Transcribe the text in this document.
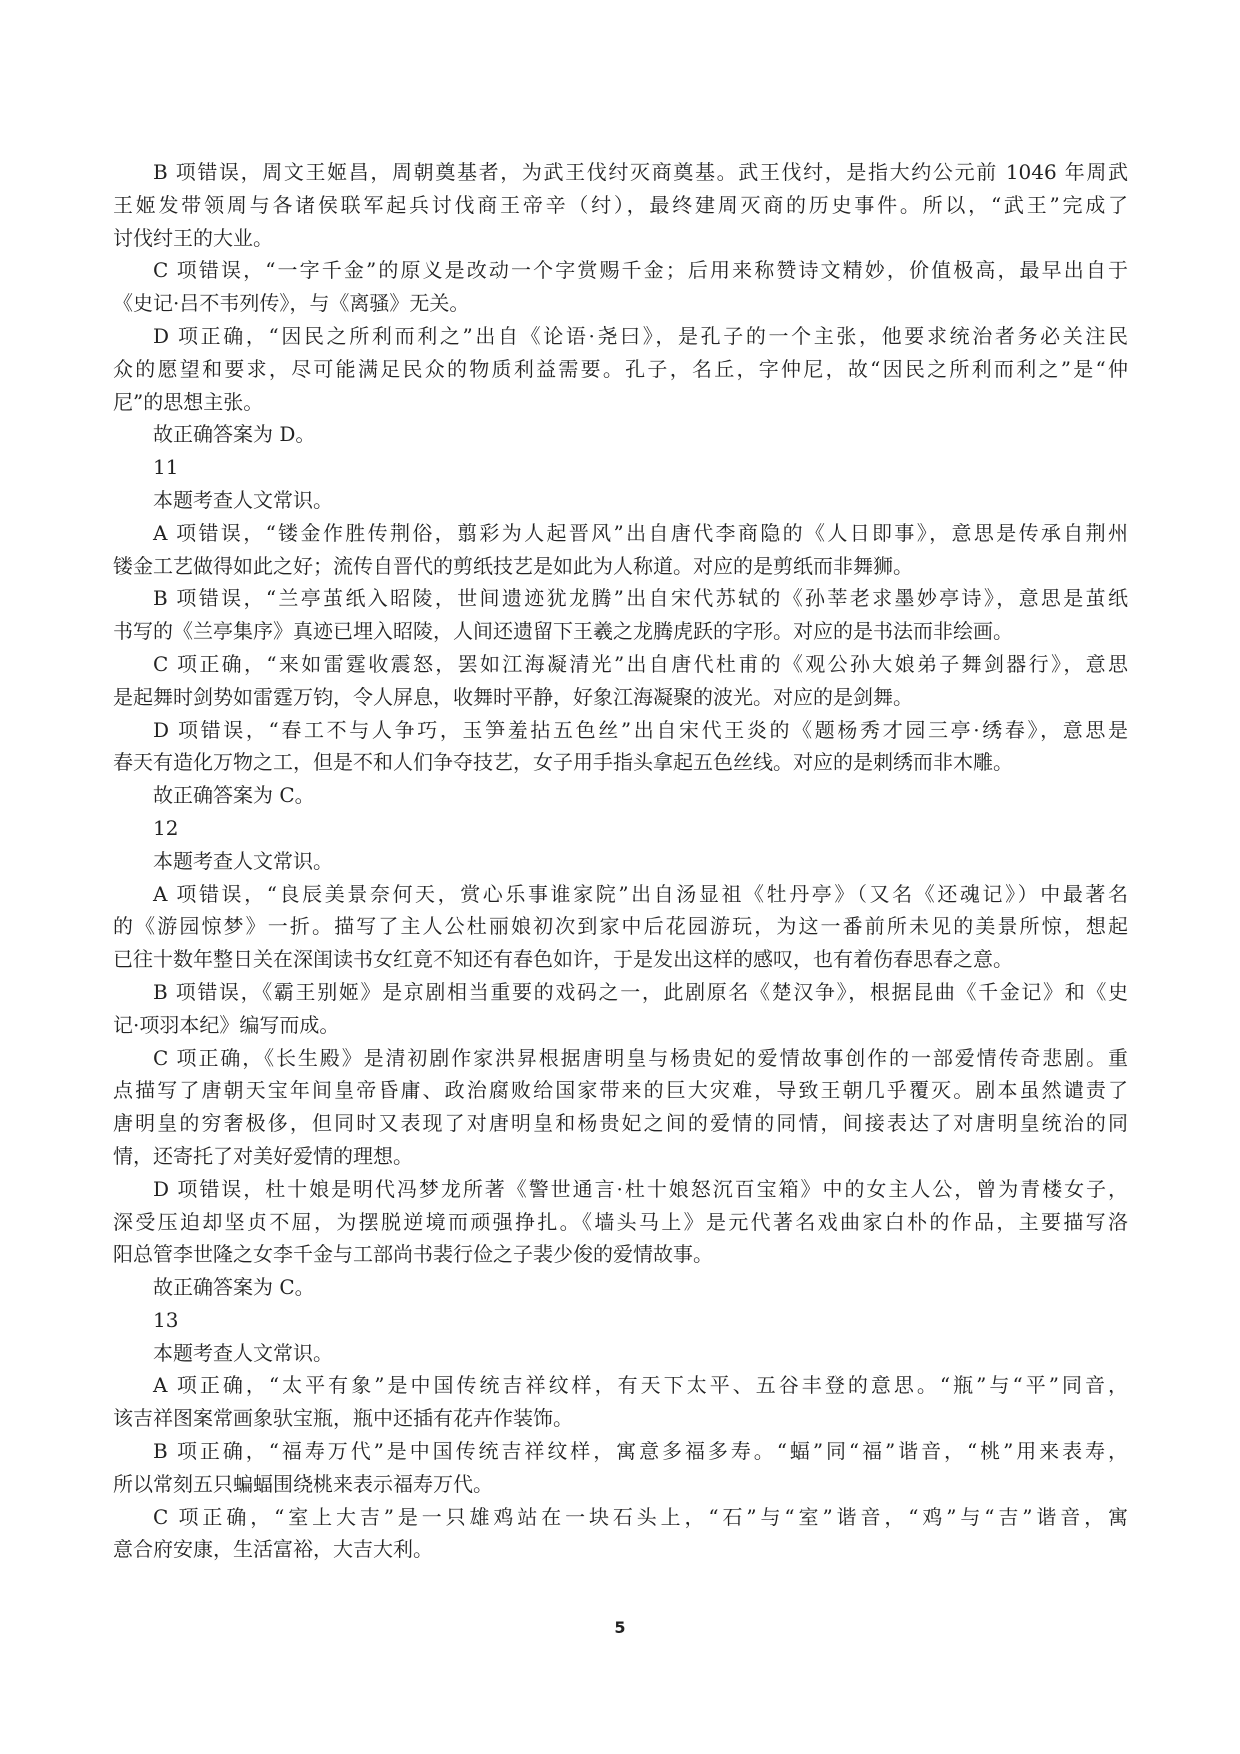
B 项错误，周文王姬昌，周朝奠基者，为武王伐纣灭商奠基。武王伐纣，是指大约公元前 1046 年周武
王姬发带领周与各诸侯联军起兵讨伐商王帝辛（纣），最终建周灭商的历史事件。所以，“武王”完成了
讨伐纣王的大业。
C 项错误，“一字千金”的原义是改动一个字赏赐千金；后用来称赞诗文精妙，价值极高，最早出自于
《史记·吕不韦列传》，与《离骚》无关。
D 项正确，“因民之所利而利之”出自《论语·尧曰》，是孔子的一个主张，他要求统治者务必关注民
众的愿望和要求，尽可能满足民众的物质利益需要。孔子，名丘，字仲尼，故“因民之所利而利之”是“仲
尼”的思想主张。
故正确答案为 D。
11
本题考查人文常识。
A 项错误，“镂金作胜传荆俗，翦彩为人起晋风”出自唐代李商隐的《人日即事》，意思是传承自荆州
镂金工艺做得如此之好；流传自晋代的剪纸技艺是如此为人称道。对应的是剪纸而非舞狮。
B 项错误，“兰亭茧纸入昭陵，世间遗迹犹龙腾”出自宋代苏轼的《孙莘老求墨妙亭诗》，意思是茧纸
书写的《兰亭集序》真迹已埋入昭陵，人间还遗留下王羲之龙腾虎跃的字形。对应的是书法而非绘画。
C 项正确，“来如雷霆收震怒，罢如江海凝清光”出自唐代杜甫的《观公孙大娘弟子舞剑器行》，意思
是起舞时剑势如雷霆万钧，令人屏息，收舞时平静，好象江海凝聚的波光。对应的是剑舞。
D 项错误，“春工不与人争巧，玉笋羞拈五色丝”出自宋代王炎的《题杨秀才园三亭·绣春》，意思是
春天有造化万物之工，但是不和人们争夺技艺，女子用手指头拿起五色丝线。对应的是刺绣而非木雕。
故正确答案为 C。
12
本题考查人文常识。
A 项错误，“良辰美景奈何天，赏心乐事谁家院”出自汤显祖《牡丹亭》（又名《还魂记》）中最著名
的《游园惊梦》一折。描写了主人公杜丽娘初次到家中后花园游玩，为这一番前所未见的美景所惊，想起
已往十数年整日关在深闺读书女红竟不知还有春色如许，于是发出这样的感叹，也有着伤春思春之意。
B 项错误，《霸王别姬》是京剧相当重要的戏码之一，此剧原名《楚汉争》，根据昆曲《千金记》和《史
记·项羽本纪》编写而成。
C 项正确，《长生殿》是清初剧作家洪昇根据唐明皇与杨贵妃的爱情故事创作的一部爱情传奇悲剧。重
点描写了唐朝天宝年间皇帝昏庸、政治腐败给国家带来的巨大灾难，导致王朝几乎覆灭。剧本虽然谴责了
唐明皇的穷奢极侈，但同时又表现了对唐明皇和杨贵妃之间的爱情的同情，间接表达了对唐明皇统治的同
情，还寄托了对美好爱情的理想。
D 项错误，杜十娘是明代冯梦龙所著《警世通言·杜十娘怒沉百宝箱》中的女主人公，曾为青楼女子，
深受压迫却坚贞不屈，为摆脱逆境而顽强挣扎。《墙头马上》是元代著名戏曲家白朴的作品，主要描写洛
阳总管李世隆之女李千金与工部尚书裴行俭之子裴少俊的爱情故事。
故正确答案为 C。
13
本题考查人文常识。
A 项正确，“太平有象”是中国传统吉祥纹样，有天下太平、五谷丰登的意思。“瓶”与“平”同音，
该吉祥图案常画象驮宝瓶，瓶中还插有花卉作装饰。
B 项正确，“福寿万代”是中国传统吉祥纹样，寓意多福多寿。“蝠”同“福”谐音，“桃”用来表寿，
所以常刻五只蝙蝠围绕桃来表示福寿万代。
C 项正确，“室上大吉”是一只雄鸡站在一块石头上，“石”与“室”谐音，“鸡”与“吉”谐音，寓
意合府安康，生活富裕，大吉大利。
5
